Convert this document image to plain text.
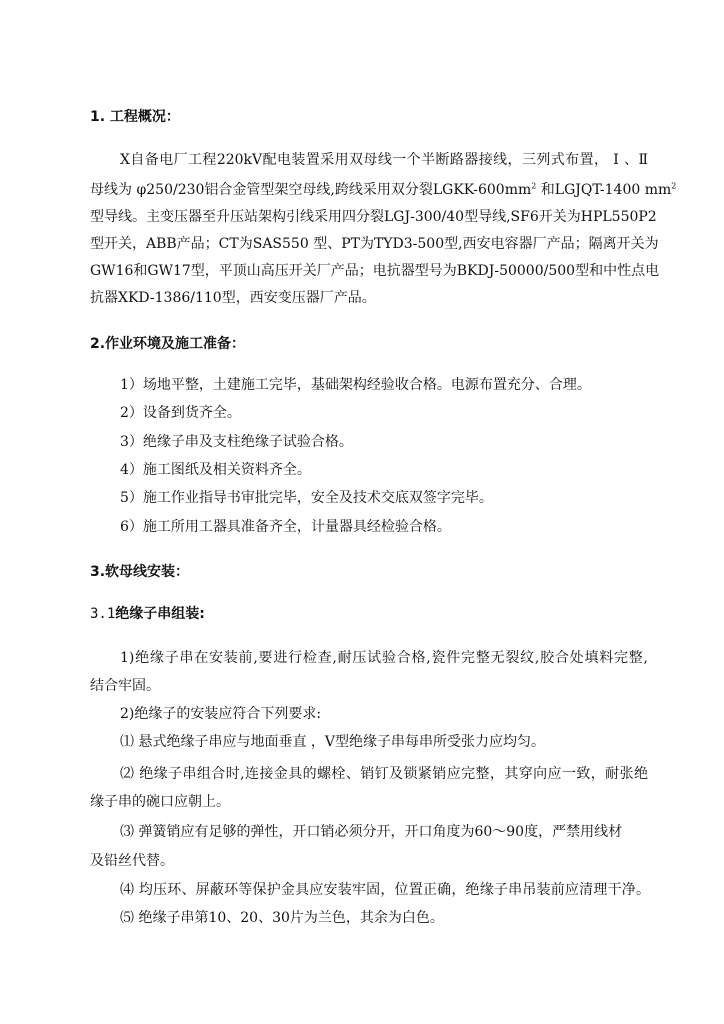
1. 工程概况：
X自备电厂工程220kV配电装置采用双母线一个半断路器接线，三列式布置， Ⅰ 、Ⅱ
母线为 φ250/230铝合金管型架空母线,跨线采用双分裂LGKK-$600mm^2$ 和LGJQT-1400 $mm^2$
型导线。主变压器至升压站架构引线采用四分裂LGJ-300/40型导线,SF6开关为HPL550P2
型开关，ABB产品；CT为SAS550 型、PT为TYD3-500型,西安电容器厂产品；隔离开关为
GW16和GW17型，平顶山高压开关厂产品；电抗器型号为BKDJ-50000/500型和中性点电
抗器XKD-1386/110型，西安变压器厂产品。
2.作业环境及施工准备：
1）场地平整，土建施工完毕，基础架构经验收合格。电源布置充分、合理。
2）设备到货齐全。
3）绝缘子串及支柱绝缘子试验合格。
4）施工图纸及相关资料齐全。
5）施工作业指导书审批完毕，安全及技术交底双签字完毕。
6）施工所用工器具准备齐全，计量器具经检验合格。
3.软母线安装：
3.1绝缘子串组装:
1)绝缘子串在安装前,要进行检查,耐压试验合格,瓷件完整无裂纹,胶合处填料完整,
结合牢固。
2)绝缘子的安装应符合下列要求:
⑴ 悬式绝缘子串应与地面垂直 ，V型绝缘子串每串所受张力应均匀。
⑵ 绝缘子串组合时,连接金具的螺栓、销钉及锁紧销应完整，其穿向应一致，耐张绝
缘子串的碗口应朝上。
⑶ 弹簧销应有足够的弹性，开口销必须分开，开口角度为60～90度，严禁用线材
及铅丝代替。
⑷ 均压环、屏蔽环等保护金具应安装牢固，位置正确，绝缘子串吊装前应清理干净。
⑸ 绝缘子串第10、20、30片为兰色，其余为白色。
